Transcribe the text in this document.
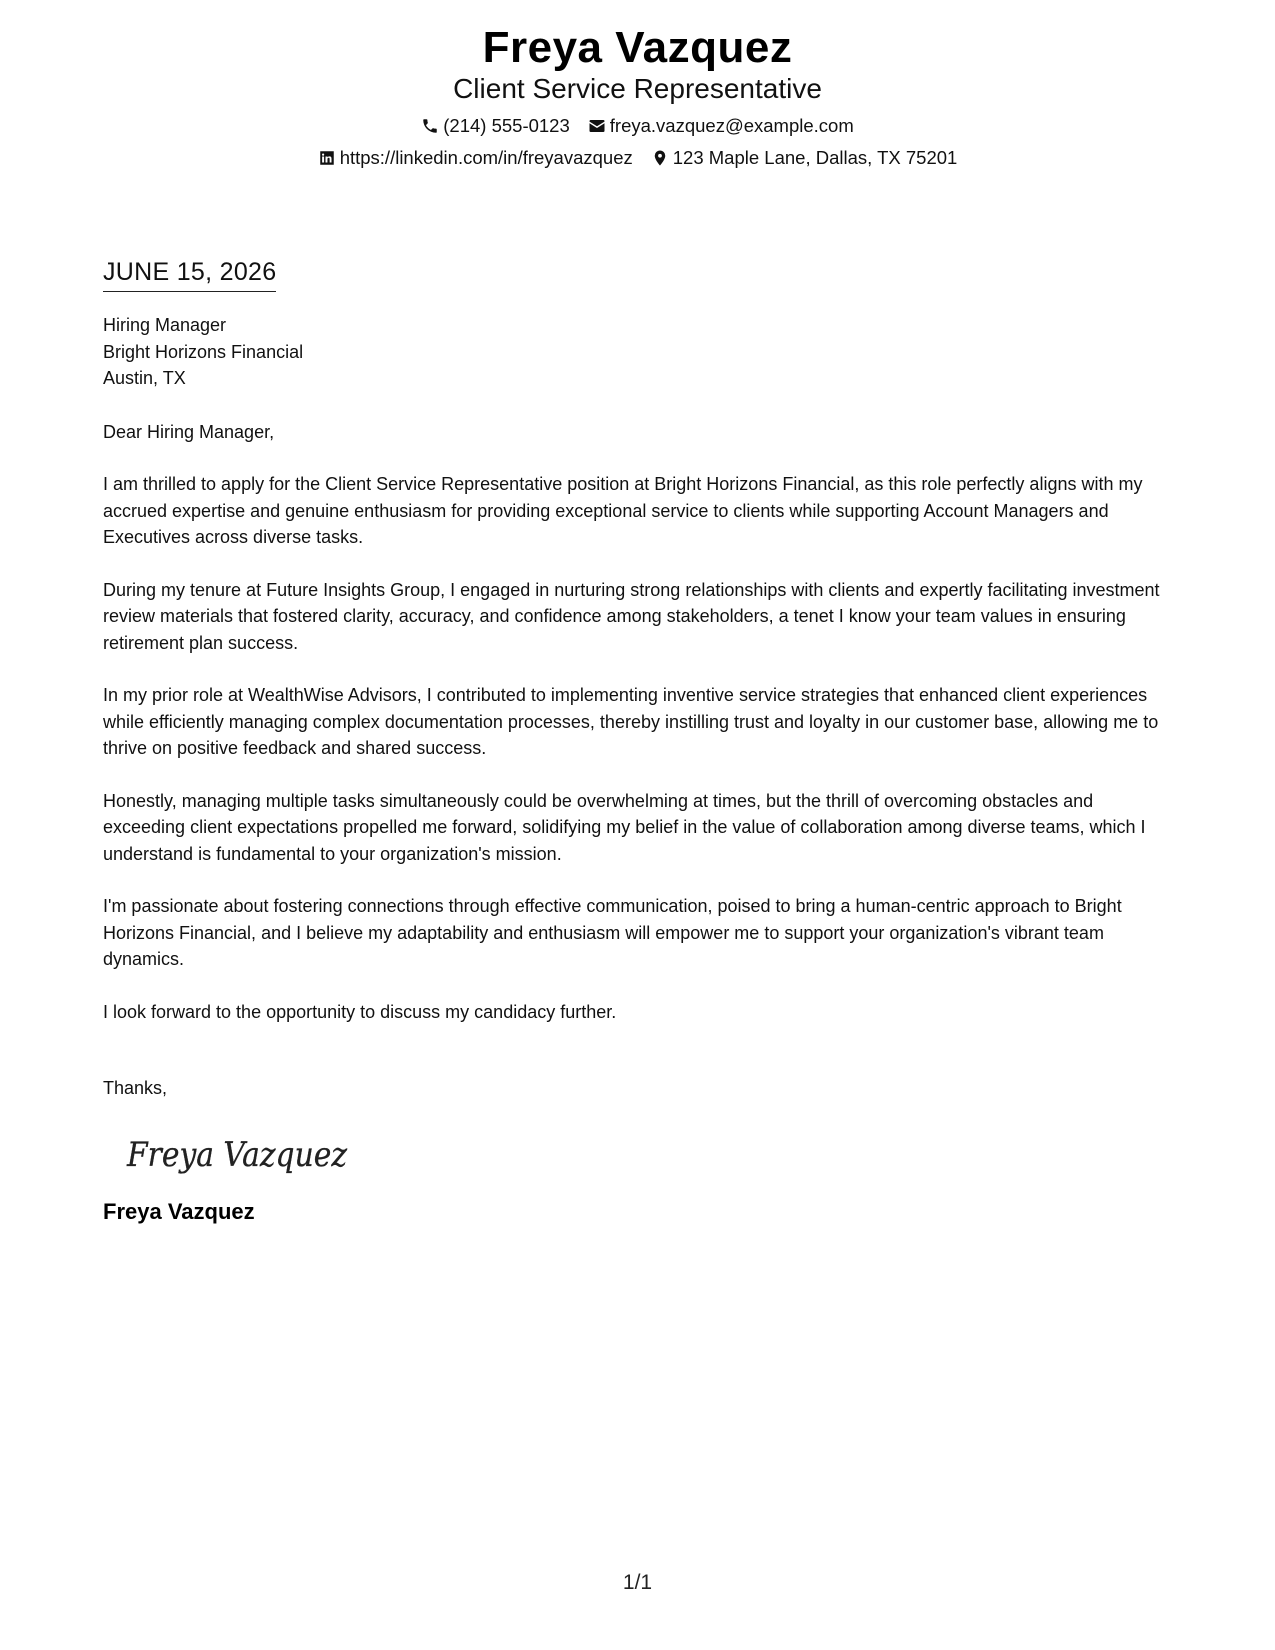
Freya Vazquez
Client Service Representative
(214) 555-0123 freya.vazquez@example.com
https://linkedin.com/in/freyavazquez 123 Maple Lane, Dallas, TX 75201
JUNE 15, 2026
Hiring Manager
Bright Horizons Financial
Austin, TX
Dear Hiring Manager,
I am thrilled to apply for the Client Service Representative position at Bright Horizons Financial, as this role perfectly aligns with my accrued expertise and genuine enthusiasm for providing exceptional service to clients while supporting Account Managers and Executives across diverse tasks.
During my tenure at Future Insights Group, I engaged in nurturing strong relationships with clients and expertly facilitating investment review materials that fostered clarity, accuracy, and confidence among stakeholders, a tenet I know your team values in ensuring retirement plan success.
In my prior role at WealthWise Advisors, I contributed to implementing inventive service strategies that enhanced client experiences while efficiently managing complex documentation processes, thereby instilling trust and loyalty in our customer base, allowing me to thrive on positive feedback and shared success.
Honestly, managing multiple tasks simultaneously could be overwhelming at times, but the thrill of overcoming obstacles and exceeding client expectations propelled me forward, solidifying my belief in the value of collaboration among diverse teams, which I understand is fundamental to your organization's mission.
I'm passionate about fostering connections through effective communication, poised to bring a human-centric approach to Bright Horizons Financial, and I believe my adaptability and enthusiasm will empower me to support your organization's vibrant team dynamics.
I look forward to the opportunity to discuss my candidacy further.
Thanks,
Freya Vazquez
Freya Vazquez
1/1
